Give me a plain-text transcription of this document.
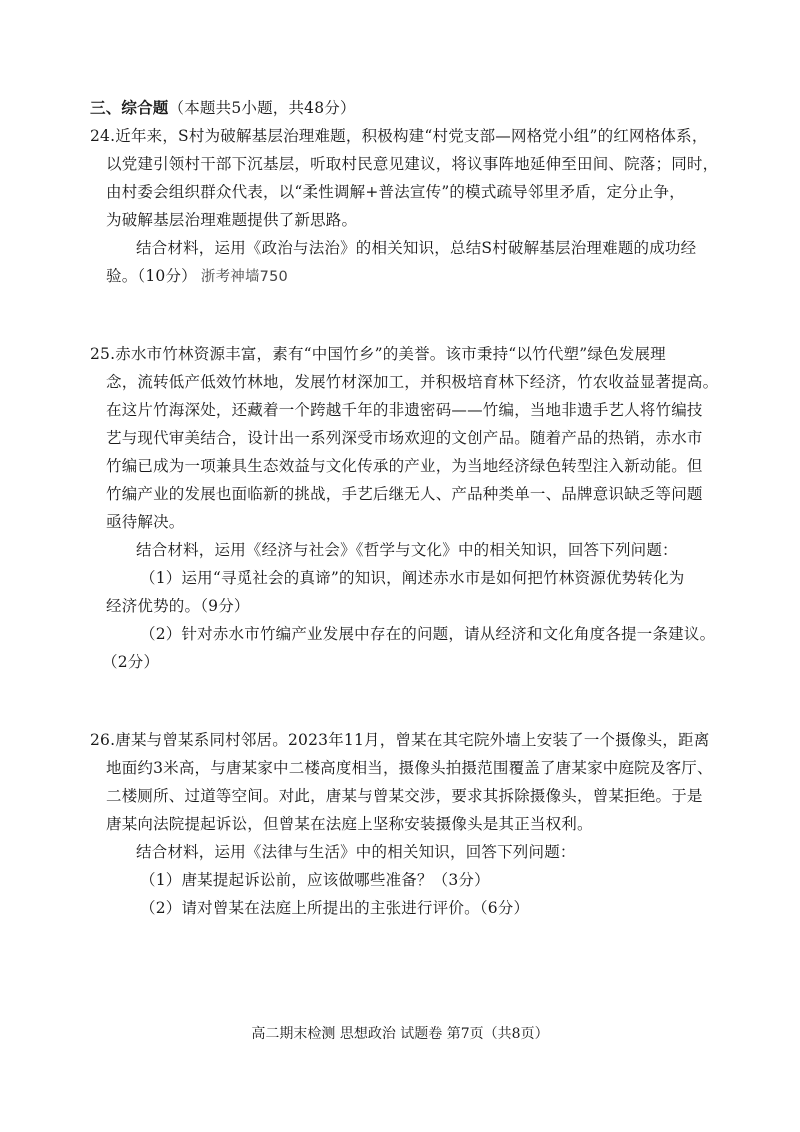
三、综合题（本题共5小题，共48分）
24.近年来，S村为破解基层治理难题，积极构建“村党支部—网格党小组”的红网格体系，
以党建引领村干部下沉基层，听取村民意见建议，将议事阵地延伸至田间、院落；同时，
由村委会组织群众代表，以“柔性调解+普法宣传”的模式疏导邻里矛盾，定分止争，
为破解基层治理难题提供了新思路。
结合材料，运用《政治与法治》的相关知识，总结S村破解基层治理难题的成功经
验。（10分） 浙考神墙750
25.赤水市竹林资源丰富，素有“中国竹乡”的美誉。该市秉持“以竹代塑”绿色发展理
念，流转低产低效竹林地，发展竹材深加工，并积极培育林下经济，竹农收益显著提高。
在这片竹海深处，还藏着一个跨越千年的非遗密码——竹编，当地非遗手艺人将竹编技
艺与现代审美结合，设计出一系列深受市场欢迎的文创产品。随着产品的热销，赤水市
竹编已成为一项兼具生态效益与文化传承的产业，为当地经济绿色转型注入新动能。但
竹编产业的发展也面临新的挑战，手艺后继无人、产品种类单一、品牌意识缺乏等问题
亟待解决。
结合材料，运用《经济与社会》《哲学与文化》中的相关知识，回答下列问题：
（1）运用“寻觅社会的真谛”的知识，阐述赤水市是如何把竹林资源优势转化为
经济优势的。（9分）
（2）针对赤水市竹编产业发展中存在的问题，请从经济和文化角度各提一条建议。
（2分）
26.唐某与曾某系同村邻居。2023年11月，曾某在其宅院外墙上安装了一个摄像头，距离
地面约3米高，与唐某家中二楼高度相当，摄像头拍摄范围覆盖了唐某家中庭院及客厅、
二楼厕所、过道等空间。对此，唐某与曾某交涉，要求其拆除摄像头，曾某拒绝。于是
唐某向法院提起诉讼，但曾某在法庭上坚称安装摄像头是其正当权利。
结合材料，运用《法律与生活》中的相关知识，回答下列问题：
（1）唐某提起诉讼前，应该做哪些准备？（3分）
（2）请对曾某在法庭上所提出的主张进行评价。（6分）
高二期末检测 思想政治 试题卷 第7页（共8页）
